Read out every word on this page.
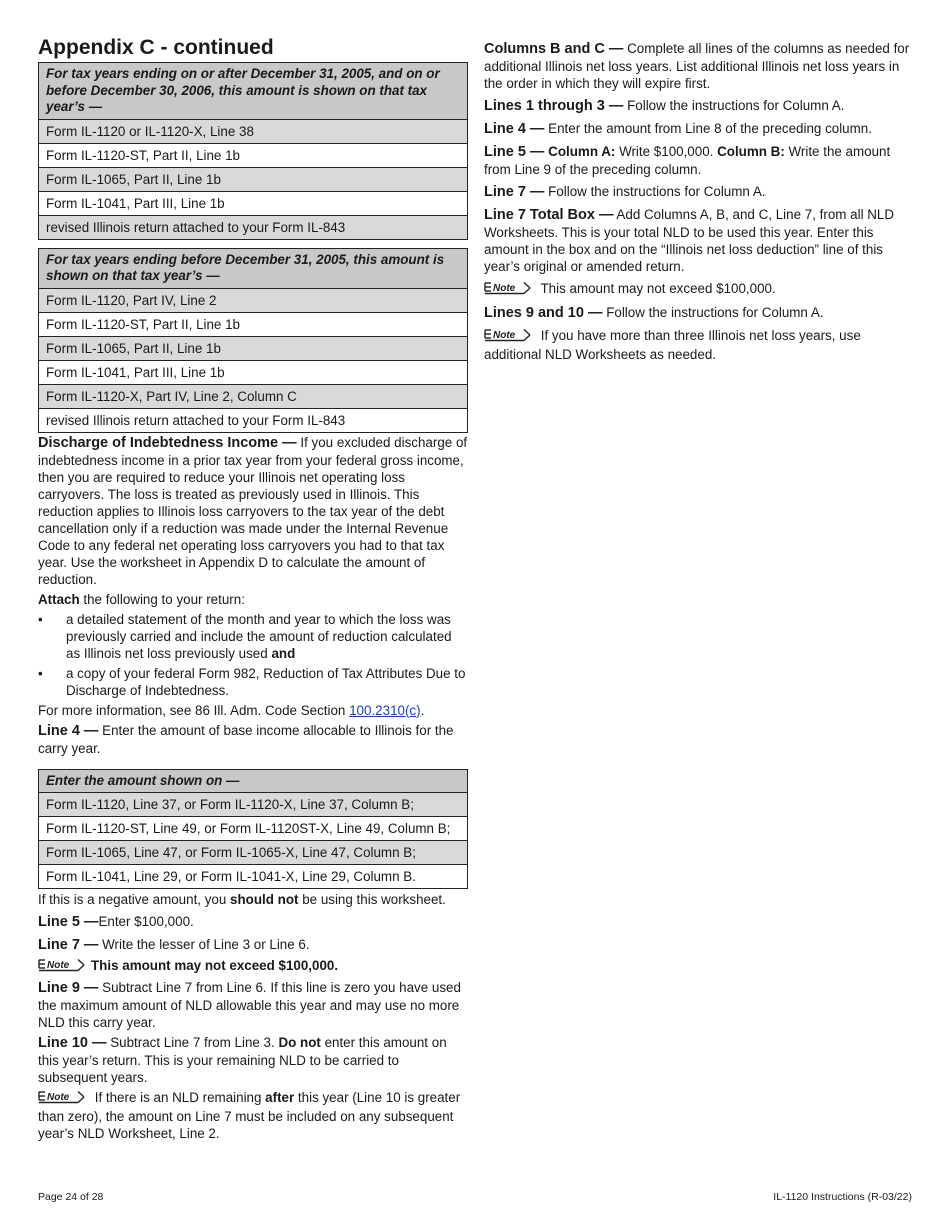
Appendix C - continued
For tax years ending on or after December 31, 2005, and on or before December 30, 2006, this amount is shown on that tax year’s —
Form IL-1120 or IL-1120-X, Line 38
Form IL-1120-ST, Part II, Line 1b
Form IL-1065, Part II, Line 1b
Form IL-1041, Part III, Line 1b
revised Illinois return attached to your Form IL-843
For tax years ending before December 31, 2005, this amount is shown on that tax year’s —
Form IL-1120, Part IV, Line 2
Form IL-1120-ST, Part II, Line 1b
Form IL-1065, Part II, Line 1b
Form IL-1041, Part III, Line 1b
Form IL-1120-X, Part IV, Line 2, Column C
revised Illinois return attached to your Form IL-843

Discharge of Indebtedness Income — If you excluded discharge of indebtedness income in a prior tax year from your federal gross income, then you are required to reduce your Illinois net operating loss carryovers. The loss is treated as previously used in Illinois. This reduction applies to Illinois loss carryovers to the tax year of the debt cancellation only if a reduction was made under the Internal Revenue Code to any federal net operating loss carryovers you had to that tax year. Use the worksheet in Appendix D to calculate the amount of reduction.

Attach the following to your return:

• a detailed statement of the month and year to which the loss was previously carried and include the amount of reduction calculated as Illinois net loss previously used and
• a copy of your federal Form 982, Reduction of Tax Attributes Due to Discharge of Indebtedness.

For more information, see 86 Ill. Adm. Code Section 100.2310(c).

Line 4 — Enter the amount of base income allocable to Illinois for the carry year.

Enter the amount shown on —
Form IL-1120, Line 37, or Form IL-1120-X, Line 37, Column B;
Form IL-1120-ST, Line 49, or Form IL-1120ST-X, Line 49, Column B;
Form IL-1065, Line 47, or Form IL-1065-X, Line 47, Column B;
Form IL-1041, Line 29, or Form IL-1041-X, Line 29, Column B.

If this is a negative amount, you should not be using this worksheet.

Line 5 —Enter $100,000.

Line 7 — Write the lesser of Line 3 or Line 6.

Note This amount may not exceed $100,000.

Line 9 — Subtract Line 7 from Line 6. If this line is zero you have used the maximum amount of NLD allowable this year and may use no more NLD this carry year.

Line 10 — Subtract Line 7 from Line 3. Do not enter this amount on this year’s return. This is your remaining NLD to be carried to subsequent years.

Note If there is an NLD remaining after this year (Line 10 is greater than zero), the amount on Line 7 must be included on any subsequent year’s NLD Worksheet, Line 2.

Columns B and C — Complete all lines of the columns as needed for additional Illinois net loss years. List additional Illinois net loss years in the order in which they will expire first.

Lines 1 through 3 — Follow the instructions for Column A.

Line 4 — Enter the amount from Line 8 of the preceding column.

Line 5 — Column A: Write $100,000. Column B: Write the amount from Line 9 of the preceding column.

Line 7 — Follow the instructions for Column A.

Line 7 Total Box — Add Columns A, B, and C, Line 7, from all NLD Worksheets. This is your total NLD to be used this year. Enter this amount in the box and on the “Illinois net loss deduction” line of this year’s original or amended return.

Note This amount may not exceed $100,000.

Lines 9 and 10 — Follow the instructions for Column A.

Note If you have more than three Illinois net loss years, use additional NLD Worksheets as needed.

Page 24 of 28	IL-1120 Instructions (R-03/22)
